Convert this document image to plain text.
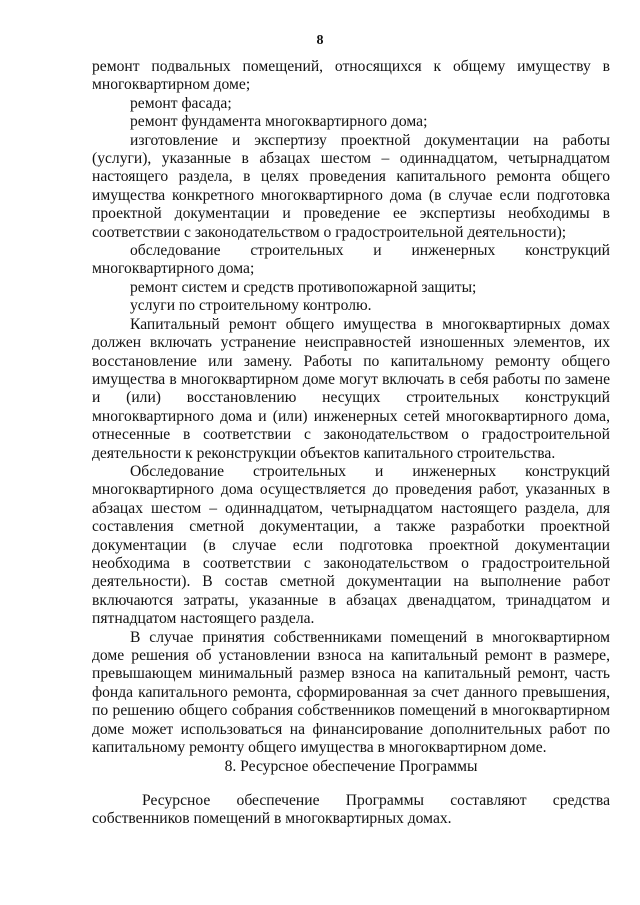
8

ремонт подвальных помещений, относящихся к общему имуществу в многоквартирном доме;

ремонт фасада;

ремонт фундамента многоквартирного дома;

изготовление и экспертизу проектной документации на работы (услуги), указанные в абзацах шестом – одиннадцатом, четырнадцатом настоящего раздела, в целях проведения капитального ремонта общего имущества конкретного многоквартирного дома (в случае если подготовка проектной документации и проведение ее экспертизы необходимы в соответствии с законодательством о градостроительной деятельности);

обследование строительных и инженерных конструкций многоквартирного дома;

ремонт систем и средств противопожарной защиты;

услуги по строительному контролю.

Капитальный ремонт общего имущества в многоквартирных домах должен включать устранение неисправностей изношенных элементов, их восстановление или замену. Работы по капитальному ремонту общего имущества в многоквартирном доме могут включать в себя работы по замене и (или) восстановлению несущих строительных конструкций многоквартирного дома и (или) инженерных сетей многоквартирного дома, отнесенные в соответствии с законодательством о градостроительной деятельности к реконструкции объектов капитального строительства.

Обследование строительных и инженерных конструкций многоквартирного дома осуществляется до проведения работ, указанных в абзацах шестом – одиннадцатом, четырнадцатом настоящего раздела, для составления сметной документации, а также разработки проектной документации (в случае если подготовка проектной документации необходима в соответствии с законодательством о градостроительной деятельности). В состав сметной документации на выполнение работ включаются затраты, указанные в абзацах двенадцатом, тринадцатом и пятнадцатом настоящего раздела.

В случае принятия собственниками помещений в многоквартирном доме решения об установлении взноса на капитальный ремонт в размере, превышающем минимальный размер взноса на капитальный ремонт, часть фонда капитального ремонта, сформированная за счет данного превышения, по решению общего собрания собственников помещений в многоквартирном доме может использоваться на финансирование дополнительных работ по капитальному ремонту общего имущества в многоквартирном доме.

8. Ресурсное обеспечение Программы

Ресурсное обеспечение Программы составляют средства собственников помещений в многоквартирных домах.
